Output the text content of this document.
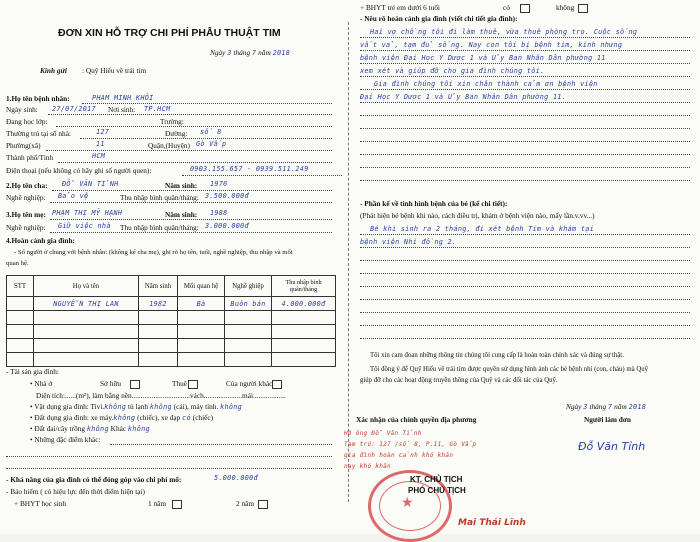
+ BHYT trẻ em dưới 6 tuổi	có	không
ĐƠN XIN HỖ TRỢ CHI PHÍ PHẪU THUẬT TIM
Ngày 3 tháng 7 năm 2018
Kính gửi : Quỹ Hiếu về trái tim
1.Họ tên bệnh nhân:	PHẠM MINH KHÔI
Ngày sinh: 27/07/2017 Nơi sinh: TP.HCM
Đang học lớp:	Trường:
Thường trú tại số nhà:	127	Đường: số 8
Phường(xã)	11	Quận,(Huyện) Gò Vấp
Thành phố/Tỉnh	HCM
Điện thoại (nếu không có hãy ghi số người quen):	0903.155.657 - 0939.511.249
2.Họ tên cha: ĐỖ VĂN TỈNH	Năm sinh: 1976
Nghề nghiệp: Bảo vệ	Thu nhập bình quân/tháng: 3.500.000đ
3.Họ tên mẹ: PHẠM THỊ MỸ HẠNH	Năm sinh: 1988
Nghề nghiệp: Giữ việc nhà Thu nhập bình quân/tháng: 3.000.000đ
4.Hoàn cảnh gia đình:
- Số người ở chung với bệnh nhân: (không kể cha mẹ), ghi rõ họ tên, tuổi, nghề nghiệp, thu nhập và mối
quan hệ.
STT	Họ và tên	Năm sinh	Mối quan hệ	Nghề ghiệp	Thu nhập bình quân/tháng
	NGUYỄN THỊ LAN	1982	Bà	Buôn bán	4.000.000đ

- Tài sản gia đình:
• Nhà ở	Sở hữu	Thuê	Của người khác
Diện tích:......(m²), làm bằng nền................................vách.....................mái..................
• Vật dụng gia đình: Tivi.không tủ lạnh không (cái), máy tính. không
• Đất dụng gia đình: xe máy.không (chiếc), xe đạp có (chiếc)
• Đất đai/cây trồng không Khác không
• Những đặc điểm khác:
- Khả năng của gia đình có thể đóng góp vào chi phí mổ:	5.000.000đ
- Bảo hiểm ( có hiệu lực đến thời điểm hiện tại)
+ BHYT học sinh	1 năm	2 năm
- Nêu rõ hoàn cảnh gia đình (viết chi tiết gia đình):
Hai vợ chồng tôi đi làm thuê, vừa thuê phòng trọ. Cuộc sống
vất vả, tạm đủ sống. Nay con tôi bị bệnh tim, kinh nhưng
bệnh viện Đại Học Y Dược 1 và Ủy Ban Nhân Dân phường 11
xem xét và giúp đỡ cho gia đình chúng tôi.
Gia đình chúng tôi xin chân thành cảm ơn bệnh viện
Đại Học Y Dược 1 và Ủy Ban Nhân Dân phường 11.
- Phần kể về tình hình bệnh của bé (kể chi tiết):
(Phát hiện bé bệnh khi nào, cách điều trị, khám ở bệnh viện nào, mấy lần.v.vv...)
Bé khi sinh ra 2 tháng, đi xét bệnh Tim và khám tại
bệnh viện Nhi đồng 2.
Tôi xin cam đoan những thông tin chúng tôi cung cấp là hoàn toàn chính xác và đúng sự thật.
Tôi đồng ý để Quỹ Hiếu về trái tim được quyền sử dụng hình ảnh các bé bệnh nhi (con, cháu) mà Quỹ
giúp đỡ cho các hoạt động truyền thông của Quỹ và các đối tác của Quỹ.
Ngày 3 tháng 7 năm 2018
Người làm đơn
Đỗ Văn Tỉnh
Xác nhận của chính quyền địa phương
Hộ ông Đỗ Văn Tỉnh
Tạm trú: 127 /số 8, P.11, Gò Vấp
gia đình hoàn cảnh khó khăn
nay khó khăn
★
KT. CHỦ TỊCH
PHÓ CHỦ TỊCH
Mai Thái Lĩnh
